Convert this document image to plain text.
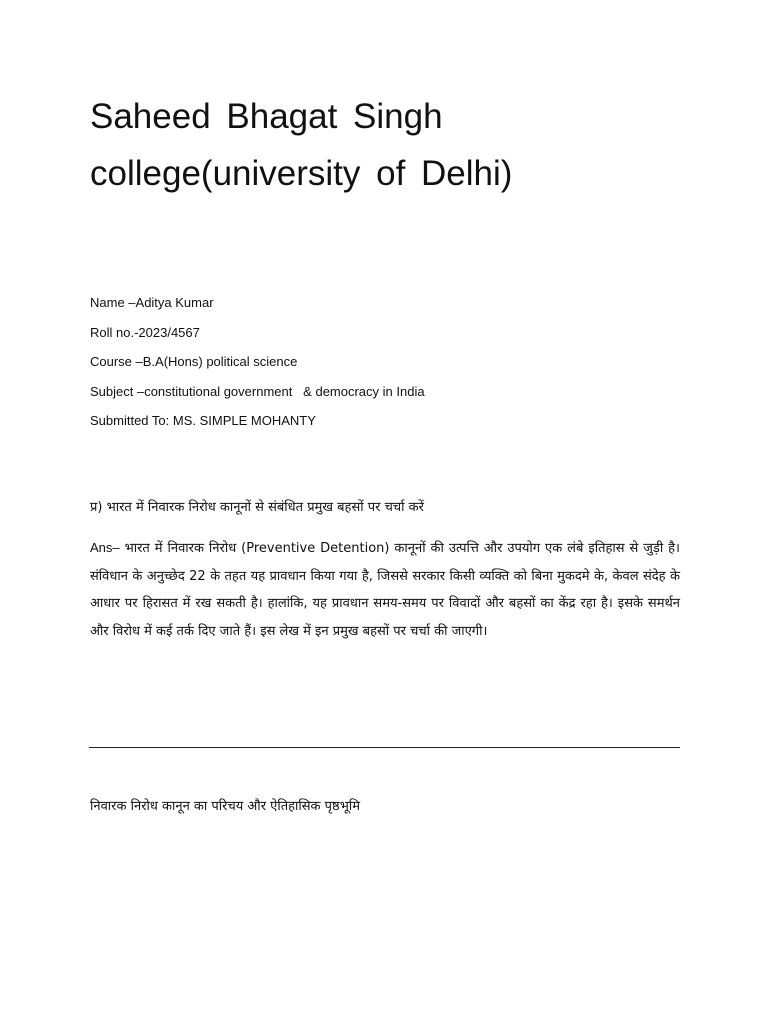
Saheed Bhagat Singh
college(university of Delhi)
Name –Aditya Kumar
Roll no.-2023/4567
Course –B.A(Hons) political science
Subject –constitutional government   & democracy in India
Submitted To: MS. SIMPLE MOHANTY

प्र) भारत में निवारक निरोध कानूनों से संबंधित प्रमुख बहसों पर चर्चा करें

Ans– भारत में निवारक निरोध (Preventive Detention) कानूनों की उत्पत्ति और उपयोग एक लंबे इतिहास से जुड़ी है। संविधान के अनुच्छेद 22 के तहत यह प्रावधान किया गया है, जिससे सरकार किसी व्यक्ति को बिना मुकदमे के, केवल संदेह के आधार पर हिरासत में रख सकती है। हालांकि, यह प्रावधान समय-समय पर विवादों और बहसों का केंद्र रहा है। इसके समर्थन और विरोध में कई तर्क दिए जाते हैं। इस लेख में इन प्रमुख बहसों पर चर्चा की जाएगी।

निवारक निरोध कानून का परिचय और ऐतिहासिक पृष्ठभूमि
